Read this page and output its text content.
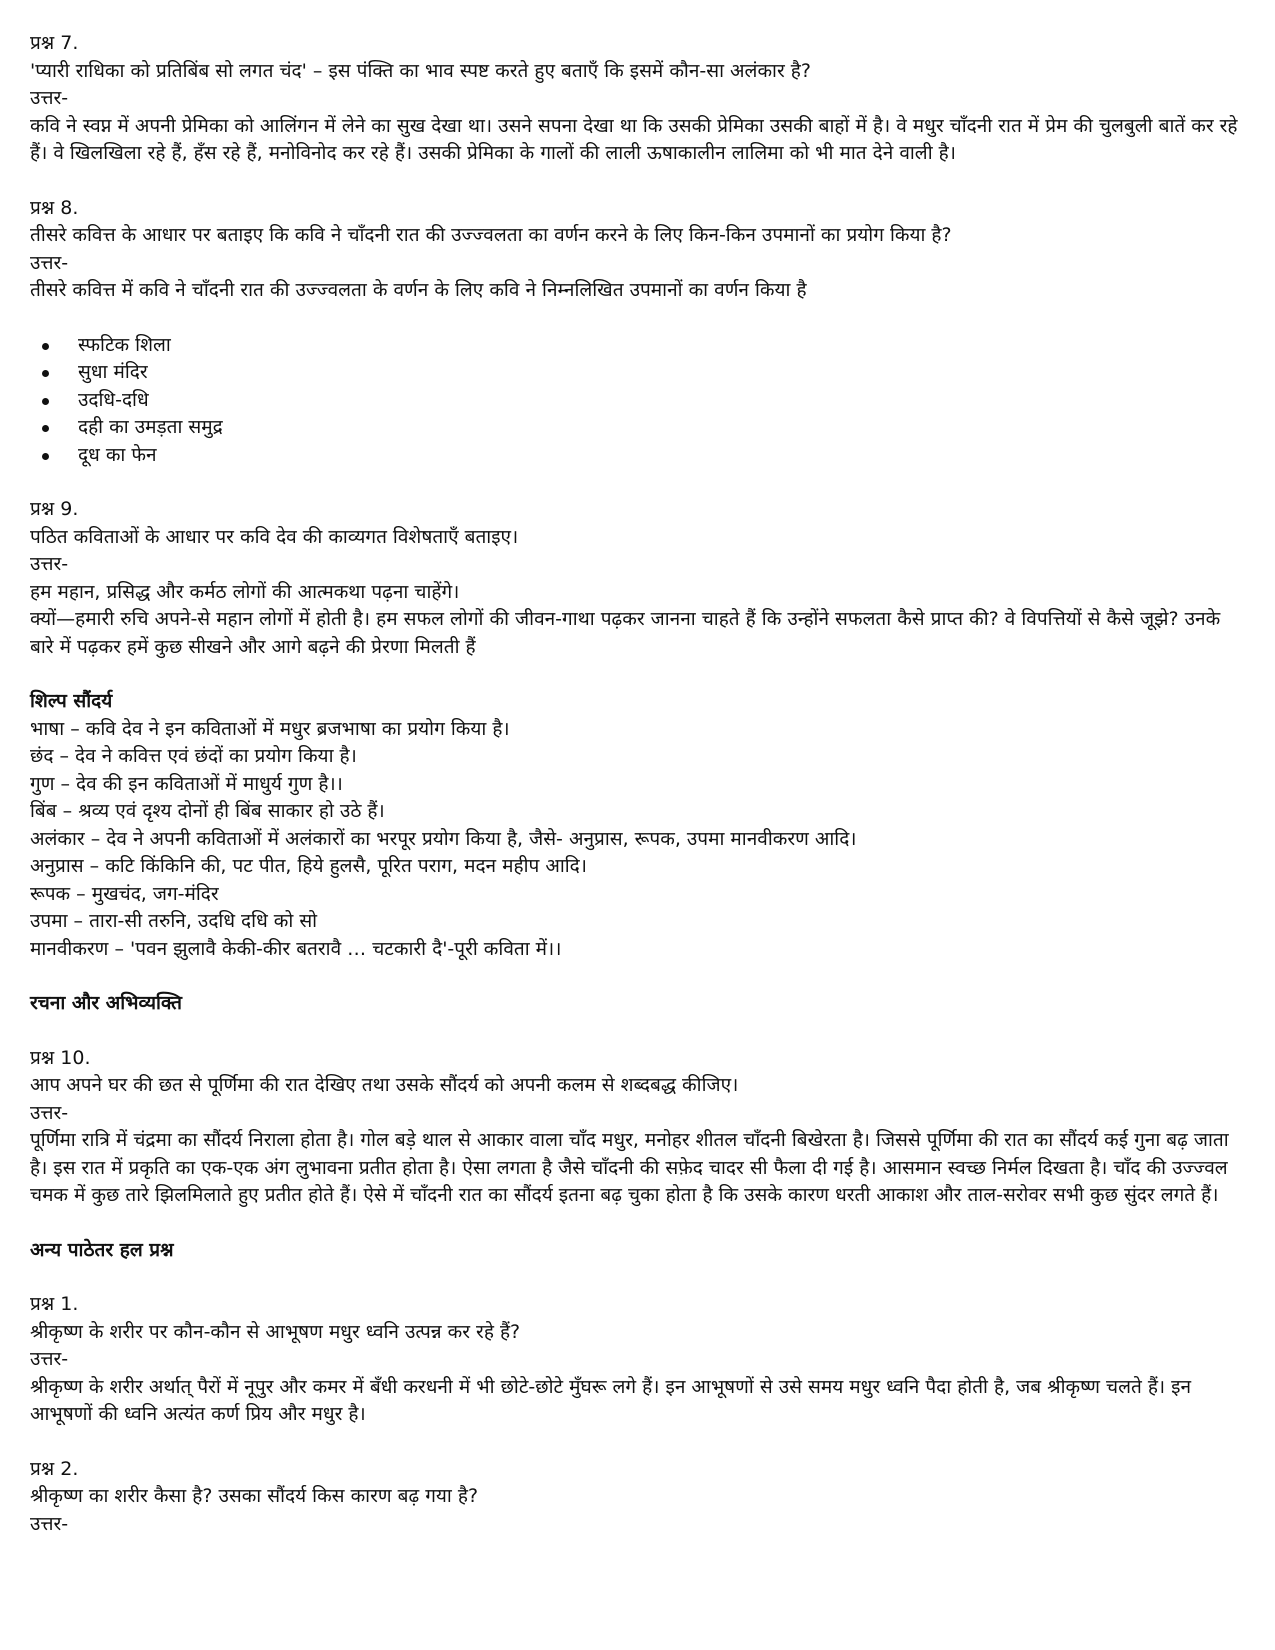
प्रश्न 7.

'प्यारी राधिका को प्रतिबिंब सो लगत चंद' – इस पंक्ति का भाव स्पष्ट करते हुए बताएँ कि इसमें कौन-सा अलंकार है?

उत्तर-

कवि ने स्वप्न में अपनी प्रेमिका को आलिंगन में लेने का सुख देखा था। उसने सपना देखा था कि उसकी प्रेमिका उसकी बाहों में है। वे मधुर चाँदनी रात में प्रेम की चुलबुली बातें कर रहे हैं। वे खिलखिला रहे हैं, हँस रहे हैं, मनोविनोद कर रहे हैं। उसकी प्रेमिका के गालों की लाली ऊषाकालीन लालिमा को भी मात देने वाली है।

प्रश्न 8.

तीसरे कवित्त के आधार पर बताइए कि कवि ने चाँदनी रात की उज्ज्वलता का वर्णन करने के लिए किन-किन उपमानों का प्रयोग किया है?

उत्तर-

तीसरे कवित्त में कवि ने चाँदनी रात की उज्ज्वलता के वर्णन के लिए कवि ने निम्नलिखित उपमानों का वर्णन किया है

स्फटिक शिला
सुधा मंदिर
उदधि-दधि
दही का उमड़ता समुद्र
दूध का फेन

प्रश्न 9.

पठित कविताओं के आधार पर कवि देव की काव्यगत विशेषताएँ बताइए।

उत्तर-

हम महान, प्रसिद्ध और कर्मठ लोगों की आत्मकथा पढ़ना चाहेंगे।

क्यों—हमारी रुचि अपने-से महान लोगों में होती है। हम सफल लोगों की जीवन-गाथा पढ़कर जानना चाहते हैं कि उन्होंने सफलता कैसे प्राप्त की? वे विपत्तियों से कैसे जूझे? उनके बारे में पढ़कर हमें कुछ सीखने और आगे बढ़ने की प्रेरणा मिलती हैं

शिल्प सौंदर्य

भाषा – कवि देव ने इन कविताओं में मधुर ब्रजभाषा का प्रयोग किया है।

छंद – देव ने कवित्त एवं छंदों का प्रयोग किया है।

गुण – देव की इन कविताओं में माधुर्य गुण है।।

बिंब – श्रव्य एवं दृश्य दोनों ही बिंब साकार हो उठे हैं।

अलंकार – देव ने अपनी कविताओं में अलंकारों का भरपूर प्रयोग किया है, जैसे- अनुप्रास, रूपक, उपमा मानवीकरण आदि।

अनुप्रास – कटि किंकिनि की, पट पीत, हिये हुलसै, पूरित पराग, मदन महीप आदि।

रूपक – मुखचंद, जग-मंदिर

उपमा – तारा-सी तरुनि, उदधि दधि को सो

मानवीकरण – 'पवन झुलावै केकी-कीर बतरावै … चटकारी दै'-पूरी कविता में।।

रचना और अभिव्यक्ति

प्रश्न 10.

आप अपने घर की छत से पूर्णिमा की रात देखिए तथा उसके सौंदर्य को अपनी कलम से शब्दबद्ध कीजिए।

उत्तर-

पूर्णिमा रात्रि में चंद्रमा का सौंदर्य निराला होता है। गोल बड़े थाल से आकार वाला चाँद मधुर, मनोहर शीतल चाँदनी बिखेरता है। जिससे पूर्णिमा की रात का सौंदर्य कई गुना बढ़ जाता है। इस रात में प्रकृति का एक-एक अंग लुभावना प्रतीत होता है। ऐसा लगता है जैसे चाँदनी की सफ़ेद चादर सी फैला दी गई है। आसमान स्वच्छ निर्मल दिखता है। चाँद की उज्ज्वल चमक में कुछ तारे झिलमिलाते हुए प्रतीत होते हैं। ऐसे में चाँदनी रात का सौंदर्य इतना बढ़ चुका होता है कि उसके कारण धरती आकाश और ताल-सरोवर सभी कुछ सुंदर लगते हैं।

अन्य पाठेतर हल प्रश्न

प्रश्न 1.

श्रीकृष्ण के शरीर पर कौन-कौन से आभूषण मधुर ध्वनि उत्पन्न कर रहे हैं?

उत्तर-

श्रीकृष्ण के शरीर अर्थात् पैरों में नूपुर और कमर में बँधी करधनी में भी छोटे-छोटे मुँघरू लगे हैं। इन आभूषणों से उसे समय मधुर ध्वनि पैदा होती है, जब श्रीकृष्ण चलते हैं। इन आभूषणों की ध्वनि अत्यंत कर्ण प्रिय और मधुर है।

प्रश्न 2.

श्रीकृष्ण का शरीर कैसा है? उसका सौंदर्य किस कारण बढ़ गया है?

उत्तर-
